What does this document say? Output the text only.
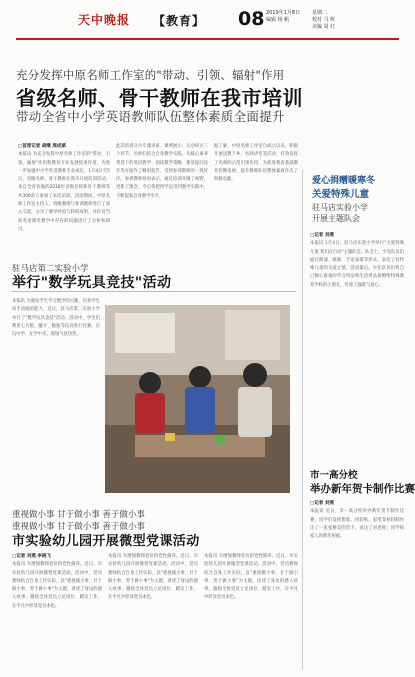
天中晚报	【教育】 08 2019年1月8日
编辑 杨 帆
星期二
校对 马 辉
美编 周 红
充分发挥中原名师工作室的"带动、引领、辐射"作用
省级名师、骨干教师在我市培训
带动全省中小学英语教师队伍整体素质全面提升
□首席记者 胡继 周成斌
本报讯 为充分发挥中原名师工作室的"带动、引领、辐射"作用和教育专业发展促进作用，为进一步加强中小学英语教师专业成长，1月4日至5日，省级名师、骨干教师在我市开展培训活动。来自全省各地的2018年省级名师和骨干教师等共300余人参加了本次培训。活动期间，中原名师工作室主持人、特级教师与参训教师进行了深入交流，分享了教学经验与科研成果，并针对当前英语课堂教学中存在的问题进行了分析和研讨。
此次培训分为专题讲座、课例展示、互动研讨三个环节。名师们结合自身教学实践，从核心素养背景下的英语教学、阅读教学策略、课堂提问设计等方面作了精彩报告，受到参训教师的一致好评。参训教师纷纷表示，通过培训开阔了视野，更新了理念，今后将把所学运用到教学实践中，不断提高自身教学水平。
据了解，中原名师工作室自成立以来，积极开展送教下乡、名师讲堂等活动，有效发挥了名师的示范引领作用，为促进我省基础教育均衡发展、提升教师队伍整体素质作出了积极贡献。
驻马店第二实验小学
举行"数学玩具竞技"活动
本报讯 为激发学生学习数学的兴趣，培养学生动手动脑的能力，近日，驻马店第二实验小学举行了"数学玩具竞技"活动。活动中，学生们利用七巧板、魔方、数独等玩具进行比赛，在玩中学，在学中乐，现场气氛热烈。
重视做小事 甘于做小事 善于做小事
重视做小事 甘于做小事 善于做小事
市实验幼儿园开展微型党课活动
□记者 刘燕 李晓飞
本报讯 为增强教师党员的党性修养，近日，市实验幼儿园开展微型党课活动。活动中，党员教师结合自身工作实际，以"重视做小事、甘于做小事、善于做小事"为主题，讲述了身边的感人故事，激励全体党员立足岗位、踏实工作，在平凡中彰显党员本色。
本报讯 为增强教师党员的党性修养，近日，市实验幼儿园开展微型党课活动。活动中，党员教师结合自身工作实际，以"重视做小事、甘于做小事、善于做小事"为主题，讲述了身边的感人故事，激励全体党员立足岗位、踏实工作，在平凡中彰显党员本色。
本报讯 为增强教师党员的党性修养，近日，市实验幼儿园开展微型党课活动。活动中，党员教师结合自身工作实际，以"重视做小事、甘于做小事、善于做小事"为主题，讲述了身边的感人故事，激励全体党员立足岗位、踏实工作，在平凡中彰显党员本色。
爱心捐赠暖寒冬
关爱特殊儿童
驻马店实验小学
开展主题队会
□记者 刘燕
本报讯 1月4日，驻马店实验小学举行"关爱特殊儿童 我们在行动"主题队会。队会上，少先队员们通过朗诵、歌舞、手语表演等形式，表达了对特殊儿童的关爱之情。活动最后，少先队员们将自己精心准备的学习用品和生活用品捐赠给特殊教育学校的小朋友，传递了温暖与爱心。
市一高分校
举办新年贺卡制作比赛
□记者 刘燕
本报讯 近日，市一高分校举办新年贺卡制作比赛，同学们发挥想象，用彩纸、彩笔等材料制作出了一张张精美的贺卡，表达了对老师、同学和家人的新年祝福。
